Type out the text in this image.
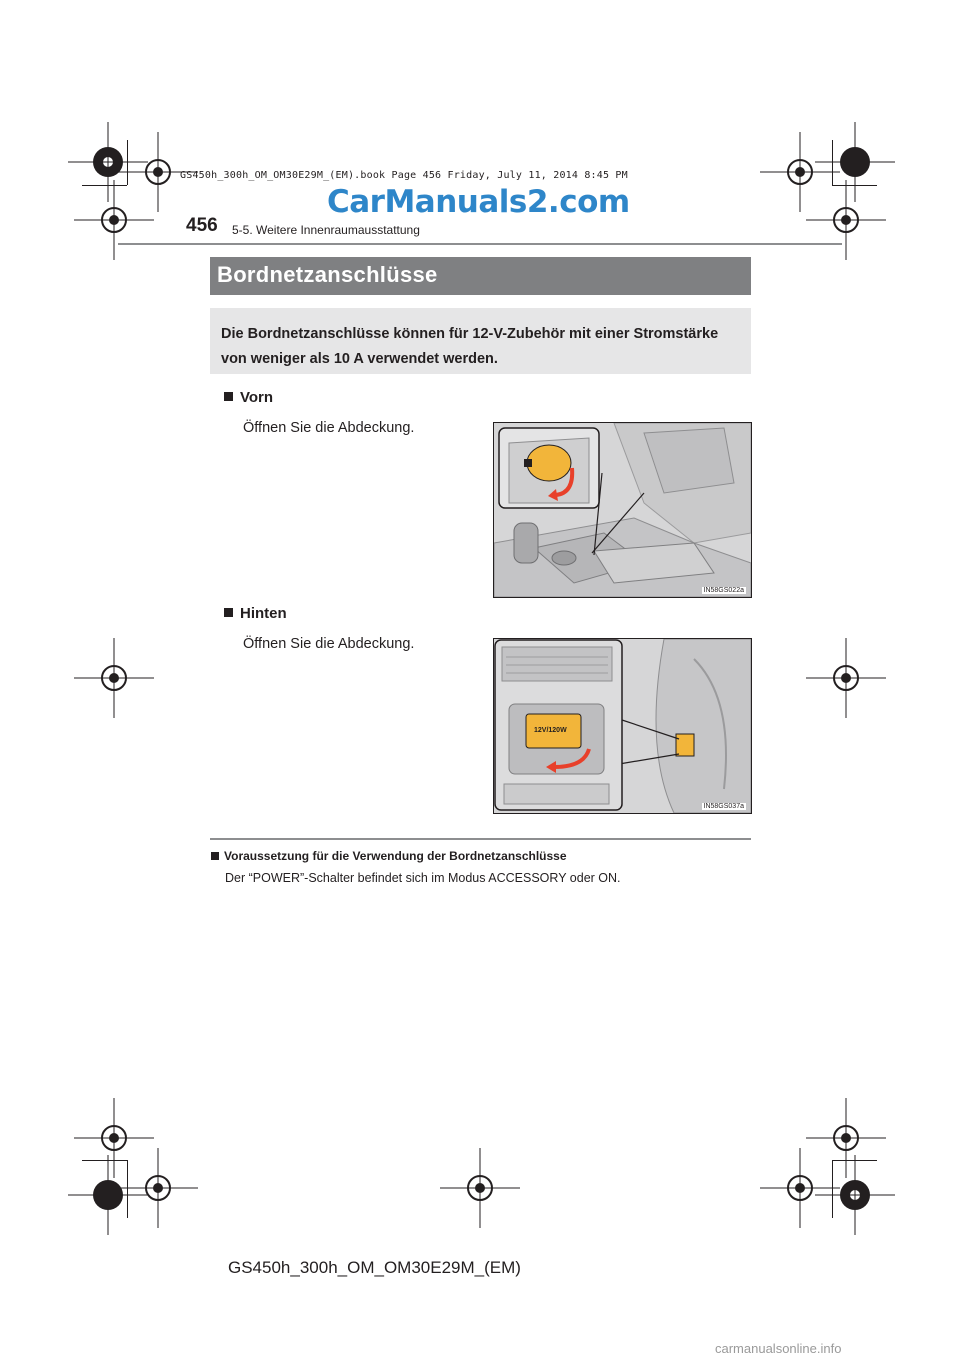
GS450h_300h_OM_OM30E29M_(EM).book Page 456 Friday, July 11, 2014 8:45 PM
CarManuals2.com
456 5-5. Weitere Innenraumausstattung
Bordnetzanschlüsse
Die Bordnetzanschlüsse können für 12-V-Zubehör mit einer Stromstärke von weniger als 10 A verwendet werden.
Vorn
Öffnen Sie die Abdeckung.
IN58GS022a
Hinten
Öffnen Sie die Abdeckung.
12V/120W
IN58GS037a
Voraussetzung für die Verwendung der Bordnetzanschlüsse
Der “POWER”-Schalter befindet sich im Modus ACCESSORY oder ON.
GS450h_300h_OM_OM30E29M_(EM)
carmanualsonline.info
